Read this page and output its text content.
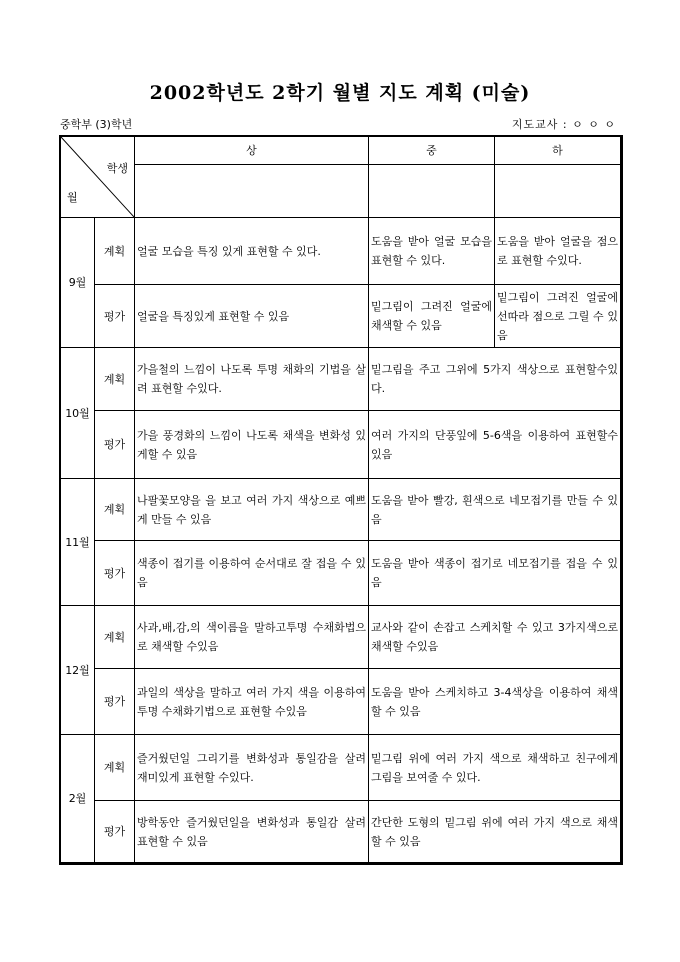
2002학년도 2학기 월별 지도 계획 (미술)
중학부 (3)학년	지도교사 : ㅇ ㅇ ㅇ
학생
월		상	중	하

9월	계획	얼굴 모습을 특징 있게 표현할 수 있다.	도움을 받아 얼굴 모습을 표현할 수 있다.	도움을 받아 얼굴을 점으로 표현할 수있다.
	평가	얼굴을 특징있게 표현할 수 있음	밑그림이 그려진 얼굴에 채색할 수 있음	밑그림이 그려진 얼굴에 선따라 점으로 그릴 수 있음
10월	계획	가을철의 느낌이 나도록 투명 채화의 기법을 살려 표현할 수있다.	밑그림을 주고 그위에 5가지 색상으로 표현할수있다.	
	평가	가을 풍경화의 느낌이 나도록 채색을 변화성 있게할 수 있음	여러 가지의 단풍잎에 5-6색을 이용하여 표현할수있음	
11월	계획	나팔꽃모양을 을 보고 여러 가지 색상으로 예쁘게 만들 수 있음	도움을 받아 빨강, 흰색으로 네모접기를 만들 수 있음	
	평가	색종이 접기를 이용하여 순서대로 잘 접을 수 있음	도움을 받아 색종이 접기로 네모접기를 접을 수 있음	
12월	계획	사과,배,감,의 색이름을 말하고투명 수채화법으로 채색할 수있음	교사와 같이 손잡고 스케치할 수 있고 3가지색으로 채색할 수있음	
	평가	과일의 색상을 말하고 여러 가지 색을 이용하여 투명 수채화기법으로 표현할 수있음	도움을 받아 스케치하고 3-4색상을 이용하여 채색할 수 있음	
2월	계획	즐거웠던일 그리기를 변화성과 통일감을 살려 재미있게 표현할 수있다.	밑그림 위에 여러 가지 색으로 채색하고 친구에게 그림을 보여줄 수 있다.	
	평가	방학동안 즐거웠던일을 변화성과 통일감 살려 표현할 수 있음	간단한 도형의 밑그림 위에 여러 가지 색으로 채색할 수 있음	
